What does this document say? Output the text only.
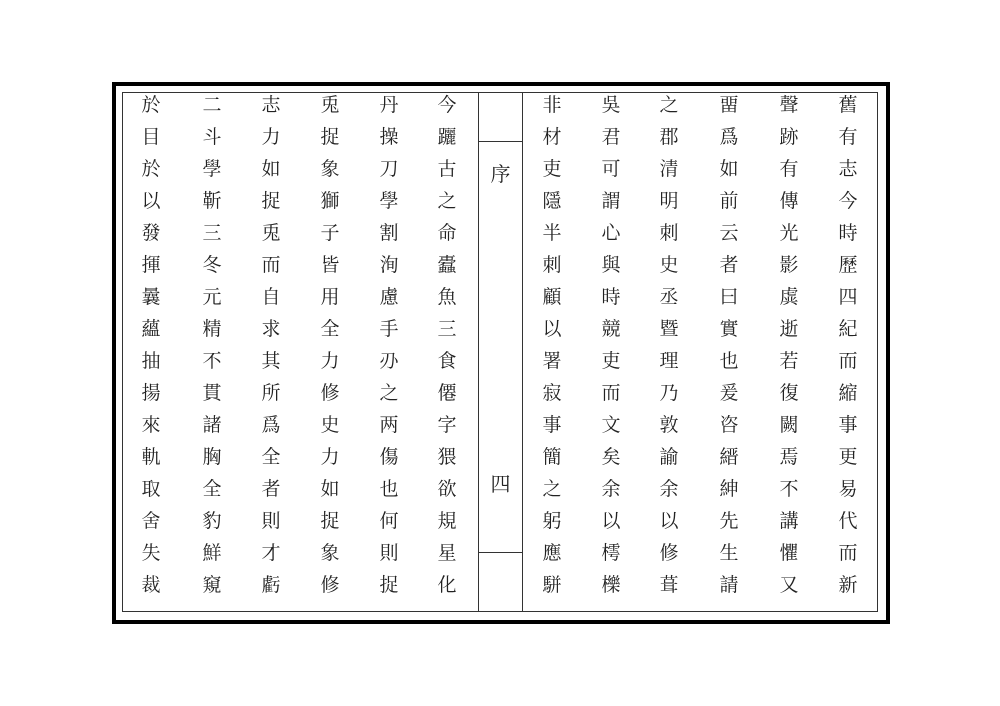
序
四
舊
有
志
今
時
歷
四
紀
而
縮
事
更
易
代
而
新
聲
跡
有
傳
光
影
虡
逝
若
復
闕
焉
不
講
懼
又
畱
爲
如
前
云
者
曰
實
也
爰
咨
縉
紳
先
生
請
之
郡
清
明
刺
史
丞
暨
理
乃
敦
諭
余
以
修
葺
吳
君
可
謂
心
與
時
競
吏
而
文
矣
余
以
樗
櫟
非
材
吏
隱
半
刺
顧
以
署
寂
事
簡
之
躬
應
駢
今
躧
古
之
命
蠹
魚
三
食
僊
字
猥
欲
規
星
化
丹
操
刀
學
割
洵
慮
手
刅
之
两
傷
也
何
則
捉
兎
捉
象
獅
子
皆
用
全
力
修
史
力
如
捉
象
修
志
力
如
捉
兎
而
自
求
其
所
爲
全
者
則
才
虧
二
斗
學
靳
三
冬
元
精
不
貫
諸
胸
全
豹
鮮
窺
於
目
於
以
發
揮
曩
蘊
抽
揚
來
軌
取
舍
失
裁
